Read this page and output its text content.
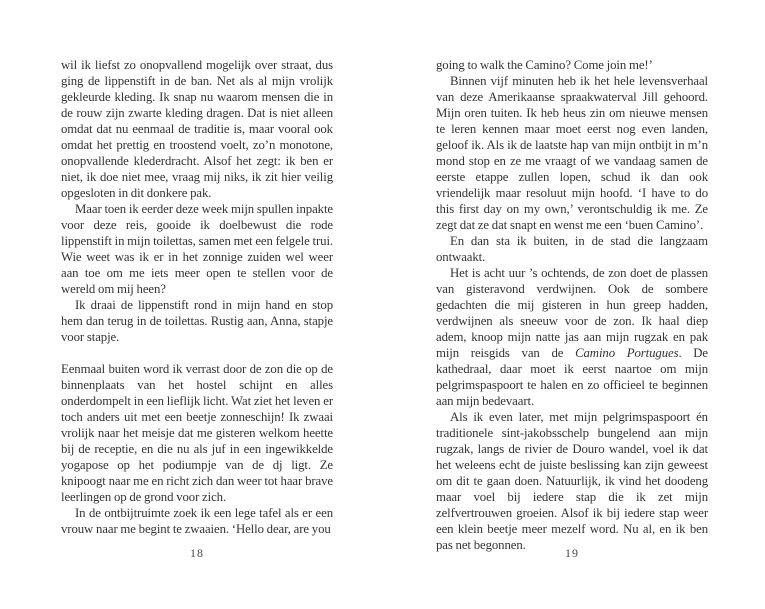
wil ik liefst zo onopvallend mogelijk over straat, dus ging de lippenstift in de ban. Net als al mijn vrolijk gekleurde kleding. Ik snap nu waarom mensen die in de rouw zijn zwarte kleding dragen. Dat is niet alleen omdat dat nu eenmaal de traditie is, maar vooral ook omdat het prettig en troostend voelt, zo’n monotone, onopvallende klederdracht. Alsof het zegt: ik ben er niet, ik doe niet mee, vraag mij niks, ik zit hier veilig opgesloten in dit donkere pak.

Maar toen ik eerder deze week mijn spullen inpakte voor deze reis, gooide ik doelbewust die rode lippenstift in mijn toilettas, samen met een felgele trui. Wie weet was ik er in het zonnige zuiden wel weer aan toe om me iets meer open te stellen voor de wereld om mij heen?

Ik draai de lippenstift rond in mijn hand en stop hem dan terug in de toilettas. Rustig aan, Anna, stapje voor stapje.

Eenmaal buiten word ik verrast door de zon die op de binnenplaats van het hostel schijnt en alles onderdompelt in een lieflijk licht. Wat ziet het leven er toch anders uit met een beetje zonneschijn! Ik zwaai vrolijk naar het meisje dat me gisteren welkom heette bij de receptie, en die nu als juf in een ingewikkelde yogapose op het podiumpje van de dj ligt. Ze knipoogt naar me en richt zich dan weer tot haar brave leerlingen op de grond voor zich.

In de ontbijtruimte zoek ik een lege tafel als er een vrouw naar me begint te zwaaien. ‘Hello dear, are you

18

going to walk the Camino? Come join me!’

Binnen vijf minuten heb ik het hele levensverhaal van deze Amerikaanse spraakwaterval Jill gehoord. Mijn oren tuiten. Ik heb heus zin om nieuwe mensen te leren kennen maar moet eerst nog even landen, geloof ik. Als ik de laatste hap van mijn ontbijt in m’n mond stop en ze me vraagt of we vandaag samen de eerste etappe zullen lopen, schud ik dan ook vriendelijk maar resoluut mijn hoofd. ‘I have to do this first day on my own,’ verontschuldig ik me. Ze zegt dat ze dat snapt en wenst me een ‘buen Camino’.

En dan sta ik buiten, in de stad die langzaam ontwaakt.

Het is acht uur ’s ochtends, de zon doet de plassen van gisteravond verdwijnen. Ook de sombere gedachten die mij gisteren in hun greep hadden, verdwijnen als sneeuw voor de zon. Ik haal diep adem, knoop mijn natte jas aan mijn rugzak en pak mijn reisgids van de Camino Portugues. De kathedraal, daar moet ik eerst naartoe om mijn pelgrimspaspoort te halen en zo officieel te beginnen aan mijn bedevaart.

Als ik even later, met mijn pelgrimspaspoort én traditionele sint-jakobsschelp bungelend aan mijn rugzak, langs de rivier de Douro wandel, voel ik dat het weleens echt de juiste beslissing kan zijn geweest om dit te gaan doen. Natuurlijk, ik vind het doodeng maar voel bij iedere stap die ik zet mijn zelfvertrouwen groeien. Alsof ik bij iedere stap weer een klein beetje meer mezelf word. Nu al, en ik ben pas net begonnen.

19
